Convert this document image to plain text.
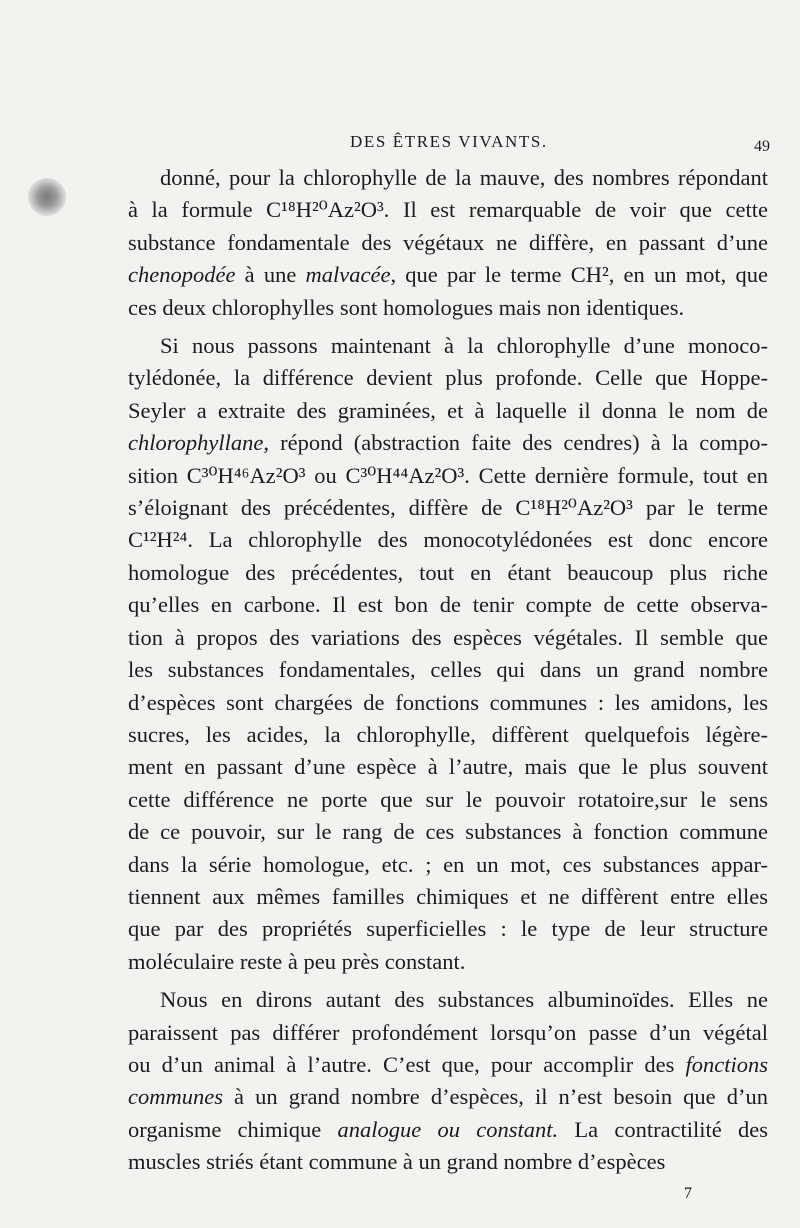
DES ÊTRES VIVANTS.	49
donné, pour la chlorophylle de la mauve, des nombres répondant
à la formule C¹⁸H²⁰Az²O³. Il est remarquable de voir que cette
substance fondamentale des végétaux ne diffère, en passant d’une
chenopodée à une malvacée, que par le terme CH², en un mot, que
ces deux chlorophylles sont homologues mais non identiques.
Si nous passons maintenant à la chlorophylle d’une monoco-
tylédonée, la différence devient plus profonde. Celle que Hoppe-
Seyler a extraite des graminées, et à laquelle il donna le nom de
chlorophyllane, répond (abstraction faite des cendres) à la compo-
sition C³⁰H⁴⁶Az²O³ ou C³⁰H⁴⁴Az²O³. Cette dernière formule, tout en
s’éloignant des précédentes, diffère de C¹⁸H²⁰Az²O³ par le terme
C¹²H²⁴. La chlorophylle des monocotylédonées est donc encore
homologue des précédentes, tout en étant beaucoup plus riche
qu’elles en carbone. Il est bon de tenir compte de cette observa-
tion à propos des variations des espèces végétales. Il semble que
les substances fondamentales, celles qui dans un grand nombre
d’espèces sont chargées de fonctions communes : les amidons, les
sucres, les acides, la chlorophylle, diffèrent quelquefois légère-
ment en passant d’une espèce à l’autre, mais que le plus souvent
cette différence ne porte que sur le pouvoir rotatoire,sur le sens
de ce pouvoir, sur le rang de ces substances à fonction commune
dans la série homologue, etc. ; en un mot, ces substances appar-
tiennent aux mêmes familles chimiques et ne diffèrent entre elles
que par des propriétés superficielles : le type de leur structure
moléculaire reste à peu près constant.
Nous en dirons autant des substances albuminoïdes. Elles ne
paraissent pas différer profondément lorsqu’on passe d’un végétal
ou d’un animal à l’autre. C’est que, pour accomplir des fonctions
communes à un grand nombre d’espèces, il n’est besoin que d’un
organisme chimique analogue ou constant. La contractilité des
muscles striés étant commune à un grand nombre d’espèces
7
